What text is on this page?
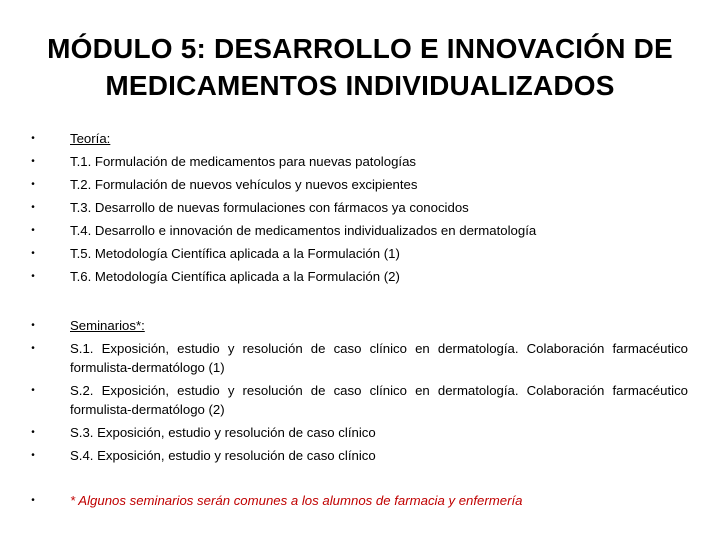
MÓDULO 5: DESARROLLO E INNOVACIÓN DE
MEDICAMENTOS INDIVIDUALIZADOS
•	Teoría:
•	T.1. Formulación de medicamentos para nuevas patologías
•	T.2. Formulación de nuevos vehículos y nuevos excipientes
•	T.3. Desarrollo de nuevas formulaciones con fármacos ya conocidos
•	T.4. Desarrollo e innovación de medicamentos individualizados en dermatología
•	T.5. Metodología Científica aplicada a la Formulación (1)
•	T.6. Metodología Científica aplicada a la Formulación (2)
•	Seminarios*:
•	S.1. Exposición, estudio y resolución de caso clínico en dermatología. Colaboración farmacéutico formulista-dermatólogo (1)
•	S.2. Exposición, estudio y resolución de caso clínico en dermatología. Colaboración farmacéutico formulista-dermatólogo (2)
•	S.3. Exposición, estudio y resolución de caso clínico
•	S.4. Exposición, estudio y resolución de caso clínico
•	* Algunos seminarios serán comunes a los alumnos de farmacia y enfermería
